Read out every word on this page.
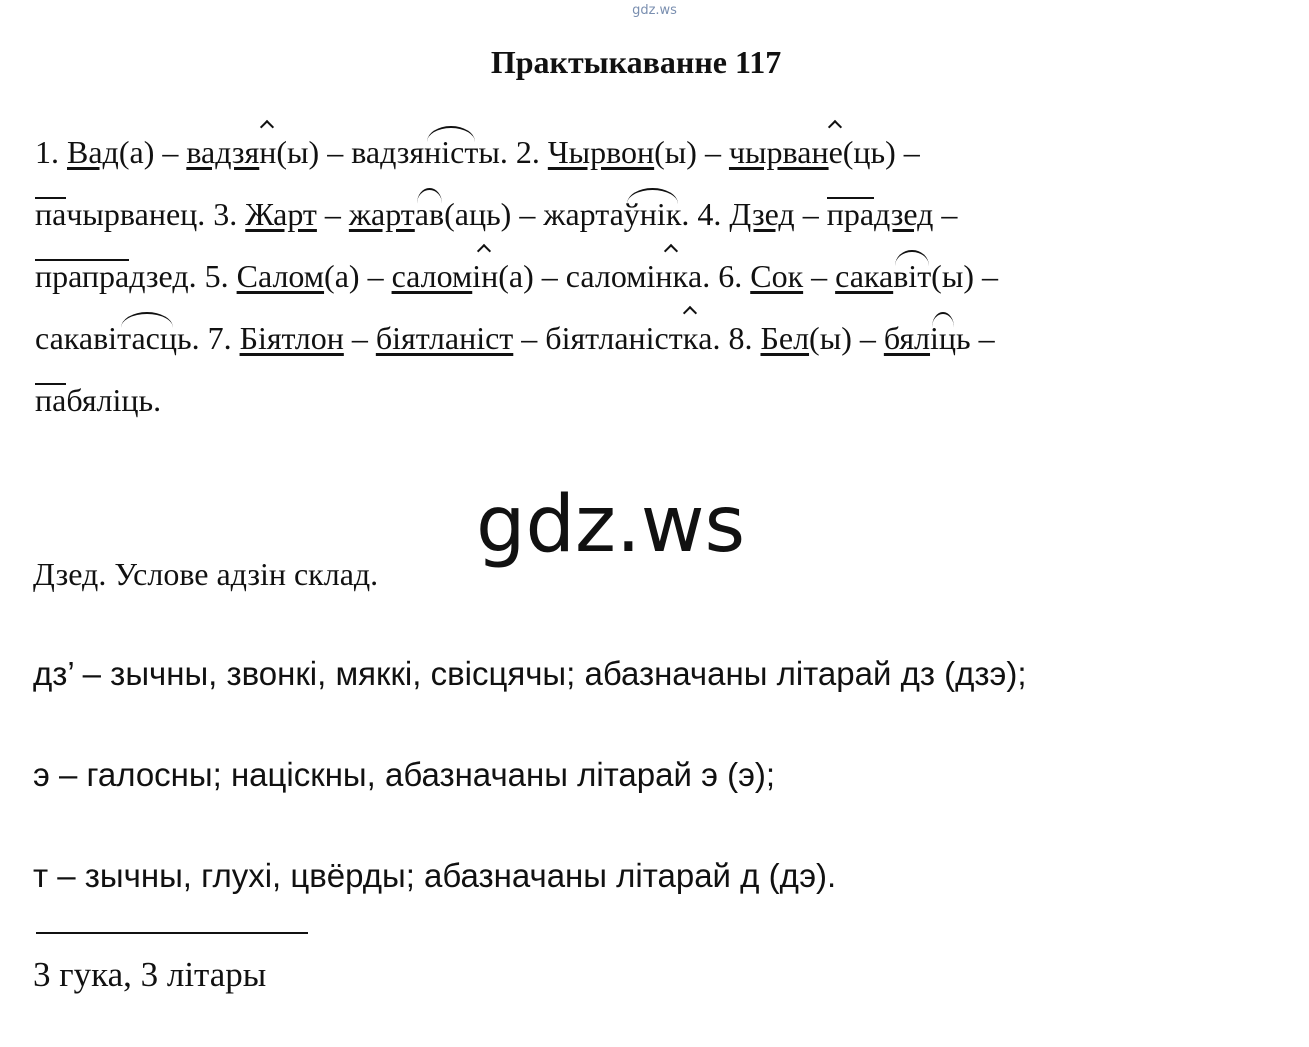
gdz.ws
Практыкаванне 117
1. Вад(а) – вадзян(ы) – вадзяністы. 2. Чырвон(ы) – чырване(ць) –
пачырванец. 3. Жарт – жартав(аць) – жартаўнік. 4. Дзед – прадзед –
прапрадзед. 5. Салом(а) – саломін(а) – саломінка. 6. Сок – сакавіт(ы) –
сакавітасць. 7. Біятлон – біятланіст – біятланістка. 8. Бел(ы) – бяліць –
пабяліць.
gdz.ws
Дзед. Услове адзін склад.
дз’ – зычны, звонкі, мяккі, свісцячы; абазначаны літарай дз (дзэ);
э – галосны; націскны, абазначаны літарай э (э);
т – зычны, глухі, цвёрды; абазначаны літарай д (дэ).
3 гука, 3 літары
